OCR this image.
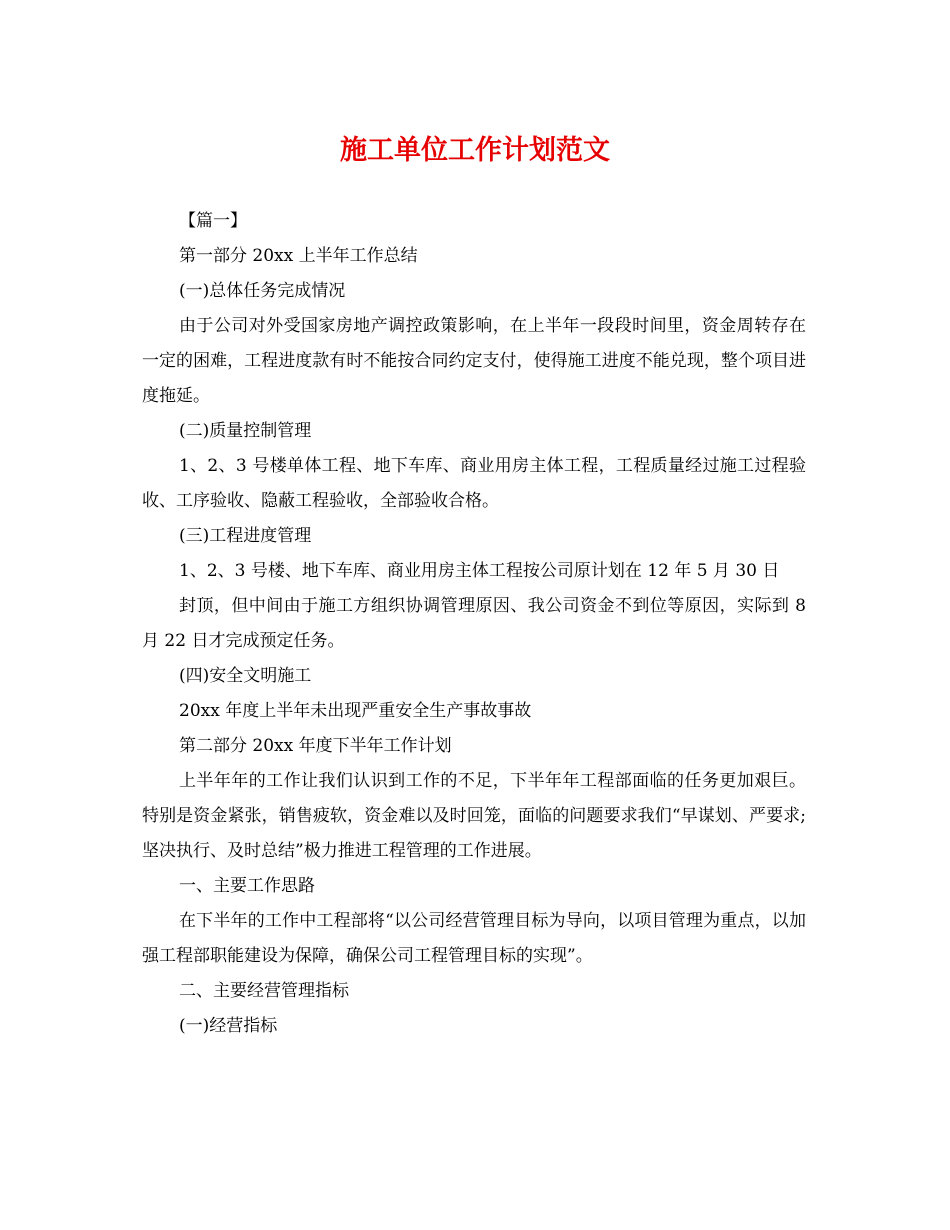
施工单位工作计划范文

【篇一】

第一部分 20xx 上半年工作总结

(一)总体任务完成情况

由于公司对外受国家房地产调控政策影响，在上半年一段段时间里，资金周转存在一定的困难，工程进度款有时不能按合同约定支付，使得施工进度不能兑现，整个项目进度拖延。

(二)质量控制管理

1、2、3 号楼单体工程、地下车库、商业用房主体工程，工程质量经过施工过程验收、工序验收、隐蔽工程验收，全部验收合格。

(三)工程进度管理

1、2、3 号楼、地下车库、商业用房主体工程按公司原计划在 12 年 5 月 30 日

封顶，但中间由于施工方组织协调管理原因、我公司资金不到位等原因，实际到 8 月 22 日才完成预定任务。

(四)安全文明施工

20xx 年度上半年未出现严重安全生产事故事故

第二部分 20xx 年度下半年工作计划

上半年年的工作让我们认识到工作的不足，下半年年工程部面临的任务更加艰巨。特别是资金紧张，销售疲软，资金难以及时回笼，面临的问题要求我们“早谋划、严要求;坚决执行、及时总结”极力推进工程管理的工作进展。

一、主要工作思路

在下半年的工作中工程部将“以公司经营管理目标为导向，以项目管理为重点，以加强工程部职能建设为保障，确保公司工程管理目标的实现”。

二、主要经营管理指标

(一)经营指标
